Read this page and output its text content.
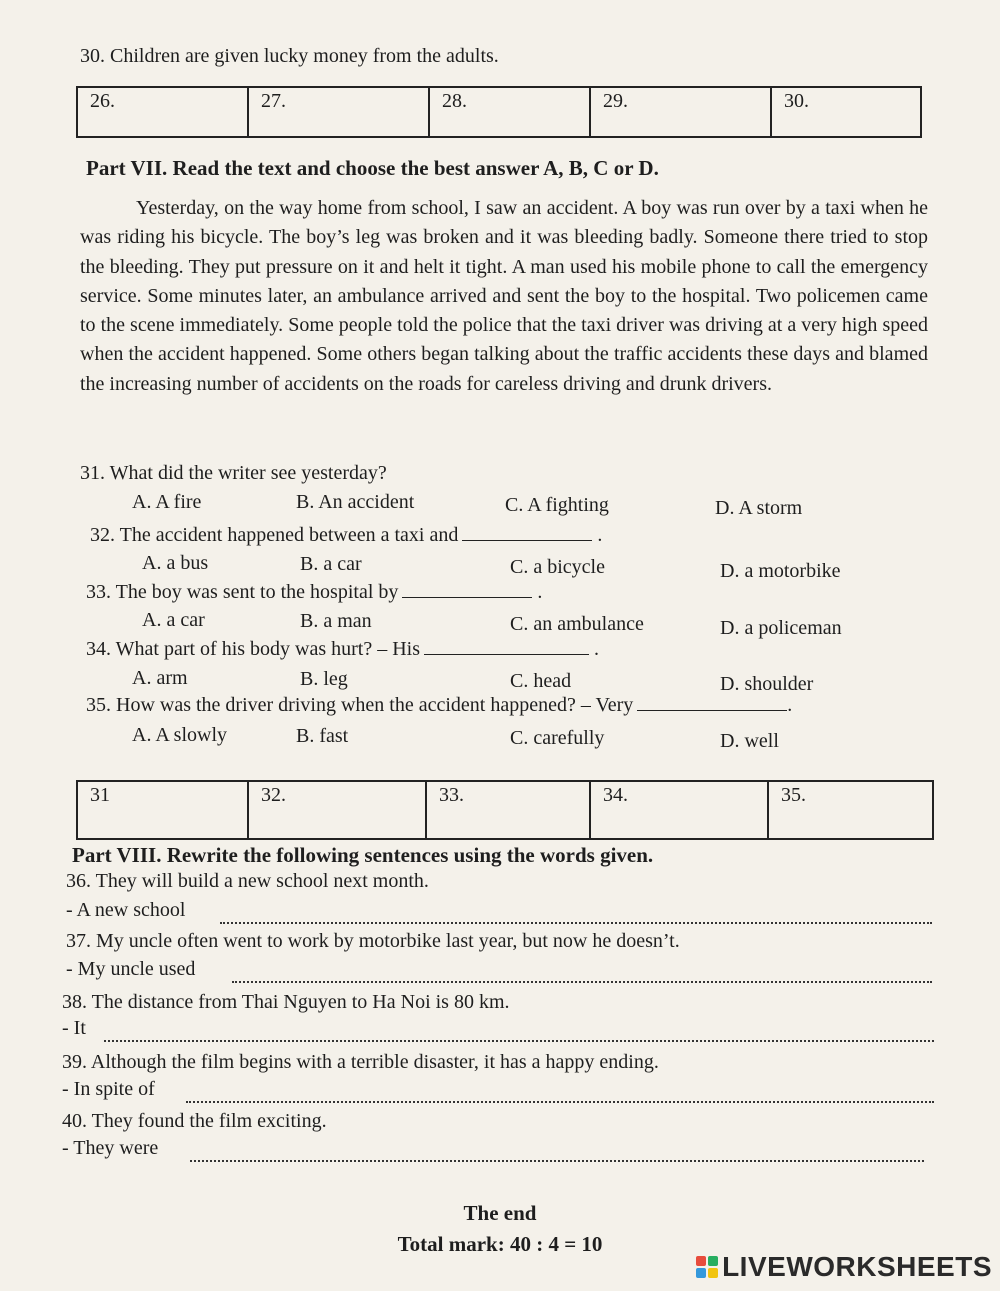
30. Children are given lucky money from the adults.
26.	27.	28.	29.	30.
Part VII. Read the text and choose the best answer A, B, C or D.
Yesterday, on the way home from school, I saw an accident. A boy was run over by a taxi when he was riding his bicycle. The boy’s leg was broken and it was bleeding badly. Someone there tried to stop the bleeding. They put pressure on it and helt it tight. A man used his mobile phone to call the emergency service. Some minutes later, an ambulance arrived and sent the boy to the hospital. Two policemen came to the scene immediately. Some people told the police that the taxi driver was driving at a very high speed when the accident happened. Some others began talking about the traffic accidents these days and blamed the increasing number of accidents on the roads for careless driving and drunk drivers.
31. What did the writer see yesterday?
A. A fire	B. An accident	C. A fighting	D. A storm
32. The accident happened between a taxi and	.
A. a bus	B. a car	C. a bicycle	D. a motorbike
33. The boy was sent to the hospital by	.
A. a car	B. a man	C. an ambulance	D. a policeman
34. What part of his body was hurt? – His	.
A. arm	B. leg	C. head	D. shoulder
35. How was the driver driving when the accident happened? – Very	.
A. A slowly	B. fast	C. carefully	D. well
31	32.	33.	34.	35.
Part VIII. Rewrite the following sentences using the words given.
36. They will build a new school next month.
- A new school
37. My uncle often went to work by motorbike last year, but now he doesn’t.
- My uncle used
38. The distance from Thai Nguyen to Ha Noi is 80 km.
- It
39. Although the film begins with a terrible disaster, it has a happy ending.
- In spite of
40. They found the film exciting.
- They were
The end
Total mark: 40 : 4 = 10
LIVEWORKSHEETS
